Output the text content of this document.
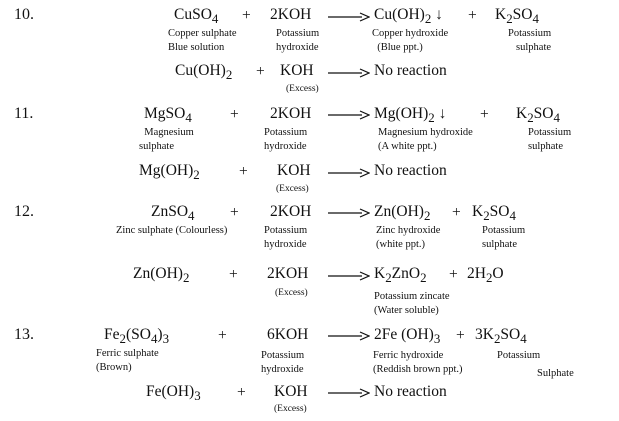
10.	CuSO$_4$ + $2KOH \to Cu(OH)_2$ ↓ + $K_2SO_4$
Copper sulphate
Blue solution
Potassium
hydroxide
Copper hydroxide
(Blue ppt.)
Potassium
sulphate
$Cu(OH)_2$ + KOH
(Excess)
→ No reaction
11.	MgSO$_4$ + $2KOH \to Mg(OH)_2$ ↓ + $K_2SO_4$
Magnesium
sulphate
Potassium
hydroxide
Magnesium hydroxide
(A white ppt.)
Potassium
sulphate
$Mg(OH)_2$	+ KOH
(Excess)
→ No reaction
12.	ZnSO$_4$ + $2KOH \to Zn(OH)_2 + K_2SO_4$
Zinc sulphate (Colourless)	Potassium
hydroxide
Zinc hydroxide
(white ppt.)
Potassium
sulphate
$Zn(OH)_2$	+ 2KOH
(Excess)
→ $K_2ZnO_2 + 2H_2O$
Potassium zincate
(Water soluble)
13.	$Fe_2(SO_4)_3$	+	6KOH → 2Fe $(OH)_3 + 3K_2SO_4$
Ferric sulphate
(Brown)
Potassium
hydroxide
Ferric hydroxide
(Reddish brown ppt.)
Potassium
Sulphate
$Fe(OH)_3$ + KOH
(Excess)
→ No reaction
